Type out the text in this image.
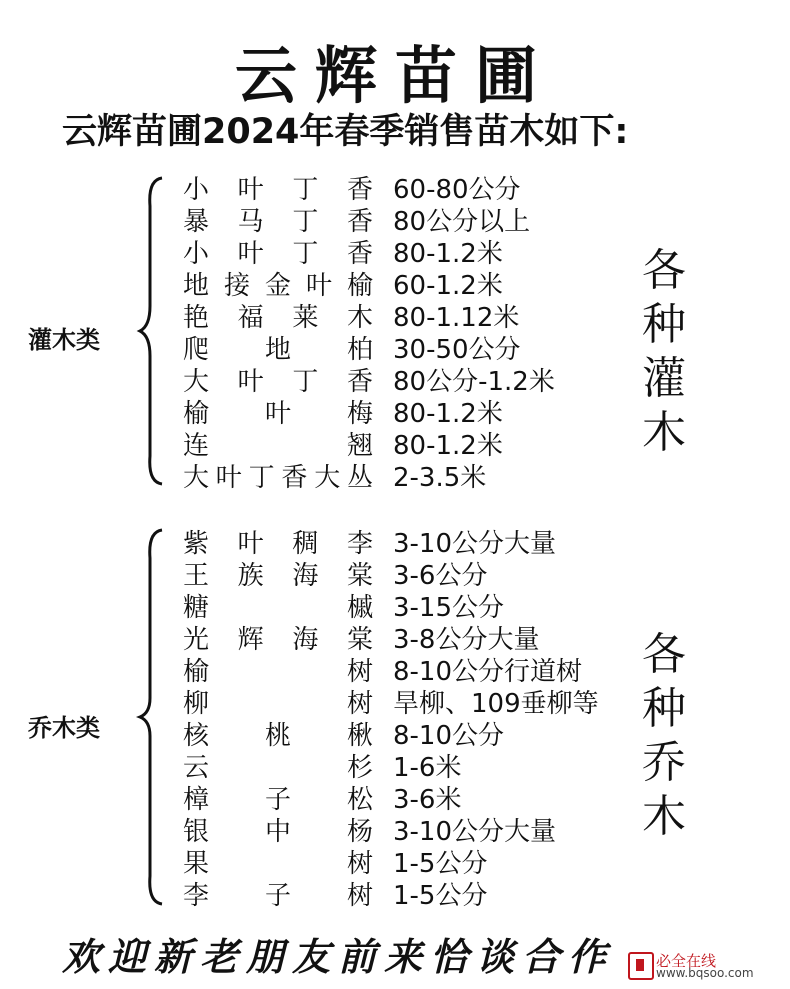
云辉苗圃
云辉苗圃2024年春季销售苗木如下:
灌木类
小 叶 丁 香 60-80公分
暴 马 丁 香 80公分以上
小 叶 丁 香 80-1.2米
地 接 金 叶 榆 60-1.2米
艳 福 莱 木 80-1.12米
爬 地 柏 30-50公分
大 叶 丁 香 80公分-1.2米
榆 叶 梅 80-1.2米
连	翘 80-1.2米
大 叶 丁 香 大 丛 2-3.5米
各
种
灌
木
乔木类
紫 叶 稠 李 3-10公分大量
王 族 海 棠 3-6公分
糖	槭 3-15公分
光 辉 海 棠 3-8公分大量
榆	树 8-10公分行道树
柳	树 旱柳、109垂柳等
核 桃 楸 8-10公分
云	杉 1-6米
樟 子 松 3-6米
银 中 杨 3-10公分大量
果	树 1-5公分
李 子 树 1-5公分
各
种
乔
木
欢迎新老朋友前来恰谈合作	必全在线
www.bqsoo.com
